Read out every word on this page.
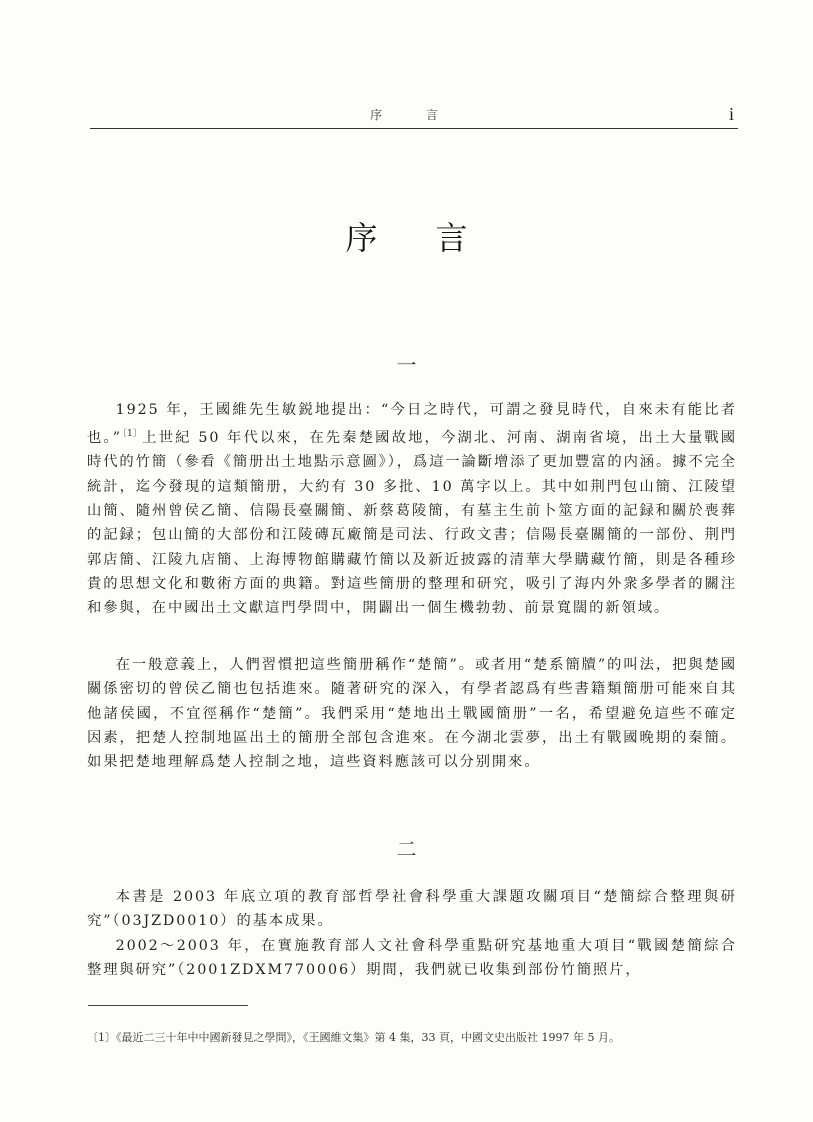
序 言	i
序言
一

1925 年，王國維先生敏鋭地提出：“今日之時代，可謂之發見時代，自來未有能比者也。”$^{〔1〕}$上世紀 50 年代以來，在先秦楚國故地，今湖北、河南、湖南省境，出土大量戰國時代的竹簡（參看《簡册出土地點示意圖》），爲這一論斷增添了更加豐富的内涵。據不完全統計，迄今發現的這類簡册，大約有 30 多批、10 萬字以上。其中如荆門包山簡、江陵望山簡、隨州曾侯乙簡、信陽長臺關簡、新蔡葛陵簡，有墓主生前卜筮方面的記録和關於喪葬的記録；包山簡的大部份和江陵磚瓦廠簡是司法、行政文書；信陽長臺關簡的一部份、荆門郭店簡、江陵九店簡、上海博物館購藏竹簡以及新近披露的清華大學購藏竹簡，則是各種珍貴的思想文化和數術方面的典籍。對這些簡册的整理和研究，吸引了海内外衆多學者的關注和參與，在中國出土文獻這門學問中，開闢出一個生機勃勃、前景寬闊的新領域。

在一般意義上，人們習慣把這些簡册稱作“楚簡”。或者用“楚系簡牘”的叫法，把與楚國關係密切的曾侯乙簡也包括進來。隨著研究的深入，有學者認爲有些書籍類簡册可能來自其他諸侯國，不宜徑稱作“楚簡”。我們采用“楚地出土戰國簡册”一名，希望避免這些不確定因素，把楚人控制地區出土的簡册全部包含進來。在今湖北雲夢，出土有戰國晚期的秦簡。如果把楚地理解爲楚人控制之地，這些資料應該可以分别開來。

二

本書是 2003 年底立項的教育部哲學社會科學重大課題攻關項目“楚簡綜合整理與研究”（03JZD0010）的基本成果。

2002～2003 年，在實施教育部人文社會科學重點研究基地重大項目“戰國楚簡綜合整理與研究”（2001ZDXM770006）期間，我們就已收集到部份竹簡照片，

〔1〕《最近二三十年中中國新發見之學問》，《王國維文集》第 4 集，33 頁，中國文史出版社 1997 年 5 月。
